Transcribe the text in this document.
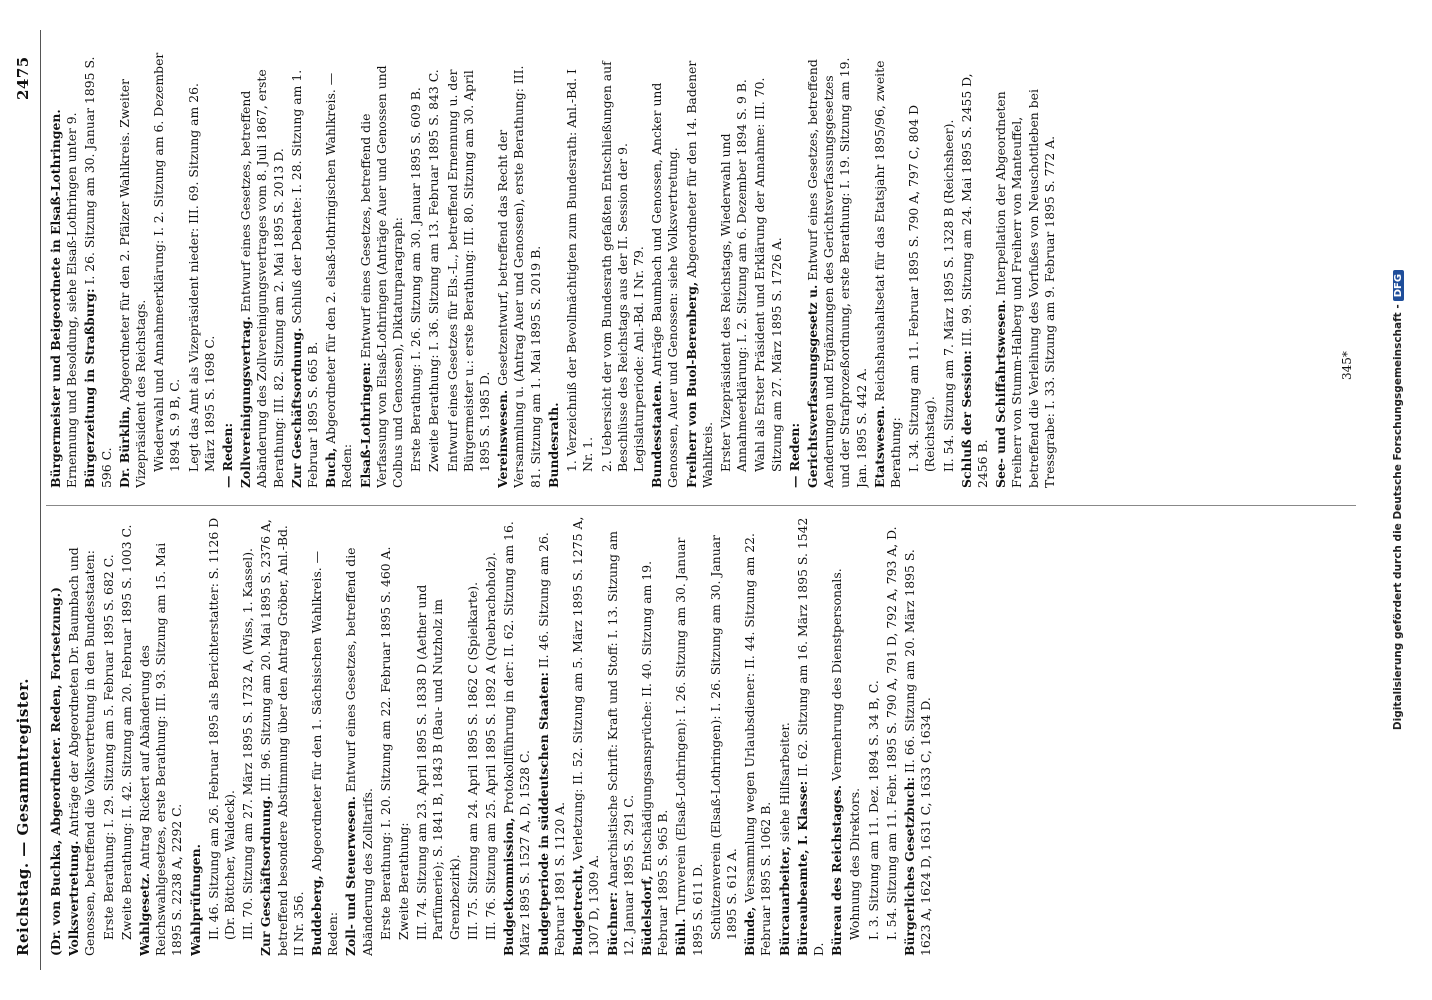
Reichstag. — Gesammtregister.
2475
(Dr. von Buchka, Abgeordneter. Reden, Fortsetzung.) Volksvertretung. Anträge der Abgeordneten Dr. Baumbach und Genossen, betreffend die Volksvertretung in den Bundesstaaten: Erste Berathung: I. 29. Sitzung am 5. Februar 1895 S. 682 C. Zweite Berathung: II. 42. Sitzung am 20. Februar 1895 S. 1003 C. Wahlgesetz. Antrag Rickert auf Abänderung des Reichswahlgesetzes, erste Berathung: III. 93. Sitzung am 15. Mai 1895 S. 2238 A, 2292 C. Wahlprüfungen. II. 46. Sitzung am 26. Februar 1895 als Berichterstatter: S. 1126 D (Dr. Böttcher, Waldeck). III. 70. Sitzung am 27. März 1895 S. 1732 A, (Wiss, 1. Kassel). Zur Geschäftsordnung. III. 96. Sitzung am 20. Mai 1895 S. 2376 A, betreffend besondere Abstimmung über den Antrag Gröber, Anl.-Bd. II Nr. 356. Buddeberg, Abgeordneter für den 1. Sächsischen Wahlkreis. — Reden: Zoll- und Steuerwesen. Entwurf eines Gesetzes, betreffend die Abänderung des Zolltarifs. Erste Berathung: I. 20. Sitzung am 22. Februar 1895 S. 460 A. Zweite Berathung: III. 74. Sitzung am 23. April 1895 S. 1838 D (Aether und Parfümerie); S. 1841 B, 1843 B (Bau- und Nutzholz im Grenzbezirk). III. 75. Sitzung am 24. April 1895 S. 1862 C (Spielkarte). III. 76. Sitzung am 25. April 1895 S. 1892 A (Quebrachoholz). Budgetkommission, Protokollführung in der: II. 62. Sitzung am 16. März 1895 S. 1527 A, D, 1528 C. Budgetperiode in süddeutschen Staaten: II. 46. Sitzung am 26. Februar 1891 S. 1120 A. Budgetrecht, Verletzung: II. 52. Sitzung am 5. März 1895 S. 1275 A, 1307 D, 1309 A. Büchner: Anarchistische Schrift: Kraft und Stoff: I. 13. Sitzung am 12. Januar 1895 S. 291 C. Büdelsdorf, Entschädigungsansprüche: II. 40. Sitzung am 19. Februar 1895 S. 965 B. Bühl. Turnverein (Elsaß-Lothringen): I. 26. Sitzung am 30. Januar 1895 S. 611 D. Schützenverein (Elsaß-Lothringen): I. 26. Sitzung am 30. Januar 1895 S. 612 A. Bünde, Versammlung wegen Urlaubsdiener: II. 44. Sitzung am 22. Februar 1895 S. 1062 B. Bürcauarbeiter, siehe Hilfsarbeiter. Büreaubeamte, I. Klasse: II. 62. Sitzung am 16. März 1895 S. 1542 D. Büreau des Reichstages. Vermehrung des Dienstpersonals.
Wohnung des Direktors. I. 3. Sitzung am 11. Dez. 1894 S. 34 B, C. I. 54. Sitzung am 11. Febr. 1895 S. 790 A, 791 D, 792 A, 793 A, D. Bürgerliches Gesetzbuch: II. 66. Sitzung am 20. März 1895 S. 1623 A, 1624 D, 1631 C, 1633 C, 1634 D.
Bürgermeister und Beigeordnete in Elsaß-Lothringen. Ernennung und Besoldung, siehe Elsaß-Lothringen unter 9. Bürgerzeitung in Straßburg: I. 26. Sitzung am 30. Januar 1895 S. 596 C. Dr. Bürklin, Abgeordneter für den 2. Pfälzer Wahlkreis. Zweiter Vizepräsident des Reichstags. Wiederwahl und Annahmeerklärung: I. 2. Sitzung am 6. Dezember 1894 S. 9 B, C. Legt das Amt als Vizepräsident nieder: III. 69. Sitzung am 26. März 1895 S. 1698 C. — Reden: Zollvereinigungsvertrag. Entwurf eines Gesetzes, betreffend Abänderung des Zollvereinigungsvertrages vom 8. Juli 1867, erste Berathung: III. 82. Sitzung am 2. Mai 1895 S. 2013 D. Zur Geschäftsordnung. Schluß der Debatte: I. 28. Sitzung am 1. Februar 1895 S. 665 B. Buch, Abgeordneter für den 2. elsaß-lothringischen Wahlkreis. — Reden: Elsaß-Lothringen: Entwurf eines Gesetzes, betreffend die Verfassung von Elsaß-Lothringen (Anträge Auer und Genossen und Colbus und Genossen), Diktaturparagraph: Erste Berathung: I. 26. Sitzung am 30. Januar 1895 S. 609 B. Zweite Berathung: I. 36. Sitzung am 13. Februar 1895 S. 843 C. Entwurf eines Gesetzes für Els.-L., betreffend Ernennung u. der Bürgermeister u.: erste Berathung: III. 80. Sitzung am 30. April 1895 S. 1985 D. Vereinswesen. Gesetzentwurf, betreffend das Recht der Versammlung u. (Antrag Auer und Genossen), erste Berathung: III. 81. Sitzung am 1. Mai 1895 S. 2019 B. Bundesrath. 1. Verzeichniß der Bevollmächtigten zum Bundesrath: Anl.-Bd. I Nr. 1. 2. Uebersicht der vom Bundesrath gefaßten Entschließungen auf Beschlüsse des Reichstags aus der II. Session der 9. Legislaturperiode: Anl.-Bd. I Nr. 79. Bundesstaaten. Anträge Baumbach und Genossen, Ancker und Genossen, Auer und Genossen: siehe Volksvertretung. Freiherr von Buol-Berenberg, Abgeordneter für den 14. Badener Wahlkreis. Erster Vizepräsident des Reichstags, Wiederwahl und Annahmeerklärung: I. 2. Sitzung am 6. Dezember 1894 S. 9 B. Wahl als Erster Präsident und Erklärung der Annahme: III. 70. Sitzung am 27. März 1895 S. 1726 A. — Reden: Gerichtsverfassungsgesetz u. Entwurf eines Gesetzes, betreffend Aenderungen und Ergänzungen des Gerichtsverfassungsgesetzes und der Strafprozeßordnung, erste Berathung: I. 19. Sitzung am 19. Jan. 1895 S. 442 A. Etatswesen. Reichshaushaltsetat für das Etatsjahr 1895/96, zweite Berathung: I. 34. Sitzung am 11. Februar 1895 S. 790 A, 797 C, 804 D (Reichstag). II. 54. Sitzung am 7. März 1895 S. 1328 B (Reichsheer). Schluß der Session: III. 99. Sitzung am 24. Mai 1895 S. 2455 D, 2456 B. See- und Schiffahrtswesen. Interpellation der Abgeordneten Freiherr von Stumm-Halberg und Freiherr von Manteuffel, betreffend die Verleihung des Vorfußes von Neuschottleben bei Tressgrabe: I. 33. Sitzung am 9. Februar 1895 S. 772 A.	345*	Digitalisierung gefördert durch die Deutsche Forschungsgemeinschaft -DFG
